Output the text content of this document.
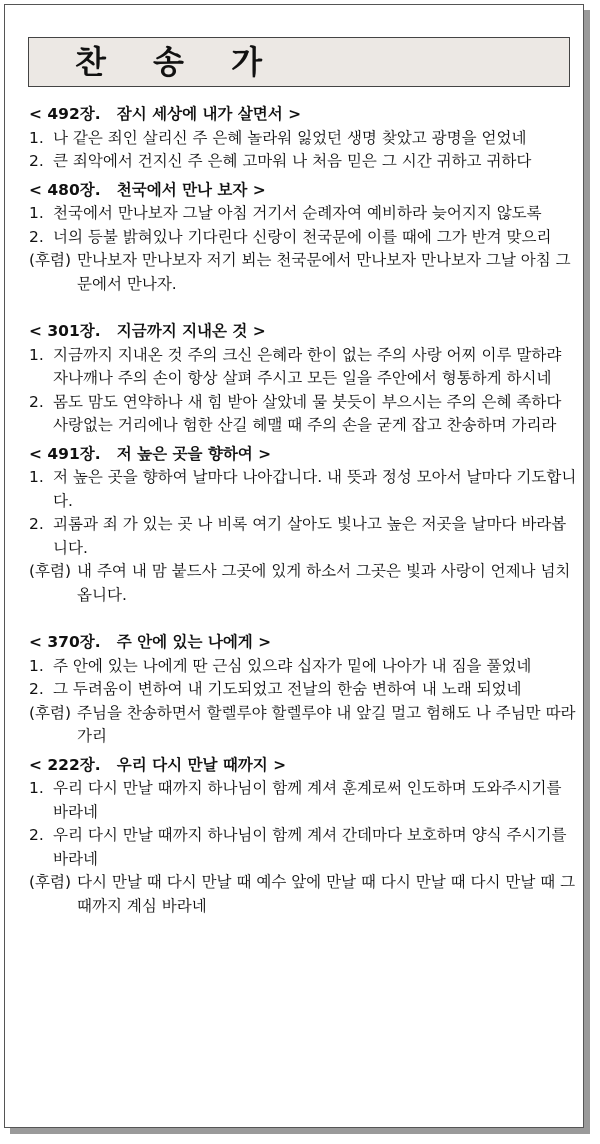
찬 송 가
< 492장.   잠시 세상에 내가 살면서 >
1. 나 같은 죄인 살리신 주 은혜 놀라워 잃었던 생명 찾았고 광명을 얻었네
2. 큰 죄악에서 건지신 주 은혜 고마워 나 처음 믿은 그 시간 귀하고 귀하다
< 480장.   천국에서 만나 보자 >
1. 천국에서 만나보자 그날 아침 거기서 순례자여 예비하라 늦어지지 않도록
2. 너의 등불 밝혀있나 기다린다 신랑이 천국문에 이를 때에 그가 반겨 맞으리
(후렴) 만나보자 만나보자 저기 뵈는 천국문에서 만나보자 만나보자 그날 아침 그문에서 만나자.
< 301장.   지금까지 지내온 것 >
1. 지금까지 지내온 것 주의 크신 은혜라 한이 없는 주의 사랑 어찌 이루 말하랴 자나깨나 주의 손이 항상 살펴 주시고 모든 일을 주안에서 형통하게 하시네
2. 몸도 맘도 연약하나 새 힘 받아 살았네 물 붓듯이 부으시는 주의 은혜 족하다 사랑없는 거리에나 험한 산길 헤맬 때 주의 손을 굳게 잡고 찬송하며 가리라
< 491장.   저 높은 곳을 향하여 >
1. 저 높은 곳을 향하여 날마다 나아갑니다. 내 뜻과 정성 모아서 날마다 기도합니다.
2. 괴롬과 죄 가 있는 곳 나 비록 여기 살아도 빛나고 높은 저곳을 날마다 바라봅니다.
(후렴) 내 주여 내 맘 붙드사 그곳에 있게 하소서 그곳은 빛과 사랑이 언제나 넘치옵니다.
< 370장.   주 안에 있는 나에게 >
1. 주 안에 있는 나에게 딴 근심 있으랴 십자가 밑에 나아가 내 짐을 풀었네
2. 그 두려움이 변하여 내 기도되었고 전날의 한숨 변하여 내 노래 되었네
(후렴) 주님을 찬송하면서 할렐루야 할렐루야 내 앞길 멀고 험해도 나 주님만 따라가리
< 222장.   우리 다시 만날 때까지 >
1. 우리 다시 만날 때까지 하나님이 함께 계셔 훈계로써 인도하며 도와주시기를 바라네
2. 우리 다시 만날 때까지 하나님이 함께 계셔 간데마다 보호하며 양식 주시기를 바라네
(후렴) 다시 만날 때 다시 만날 때 예수 앞에 만날 때 다시 만날 때 다시 만날 때 그때까지 계심 바라네
